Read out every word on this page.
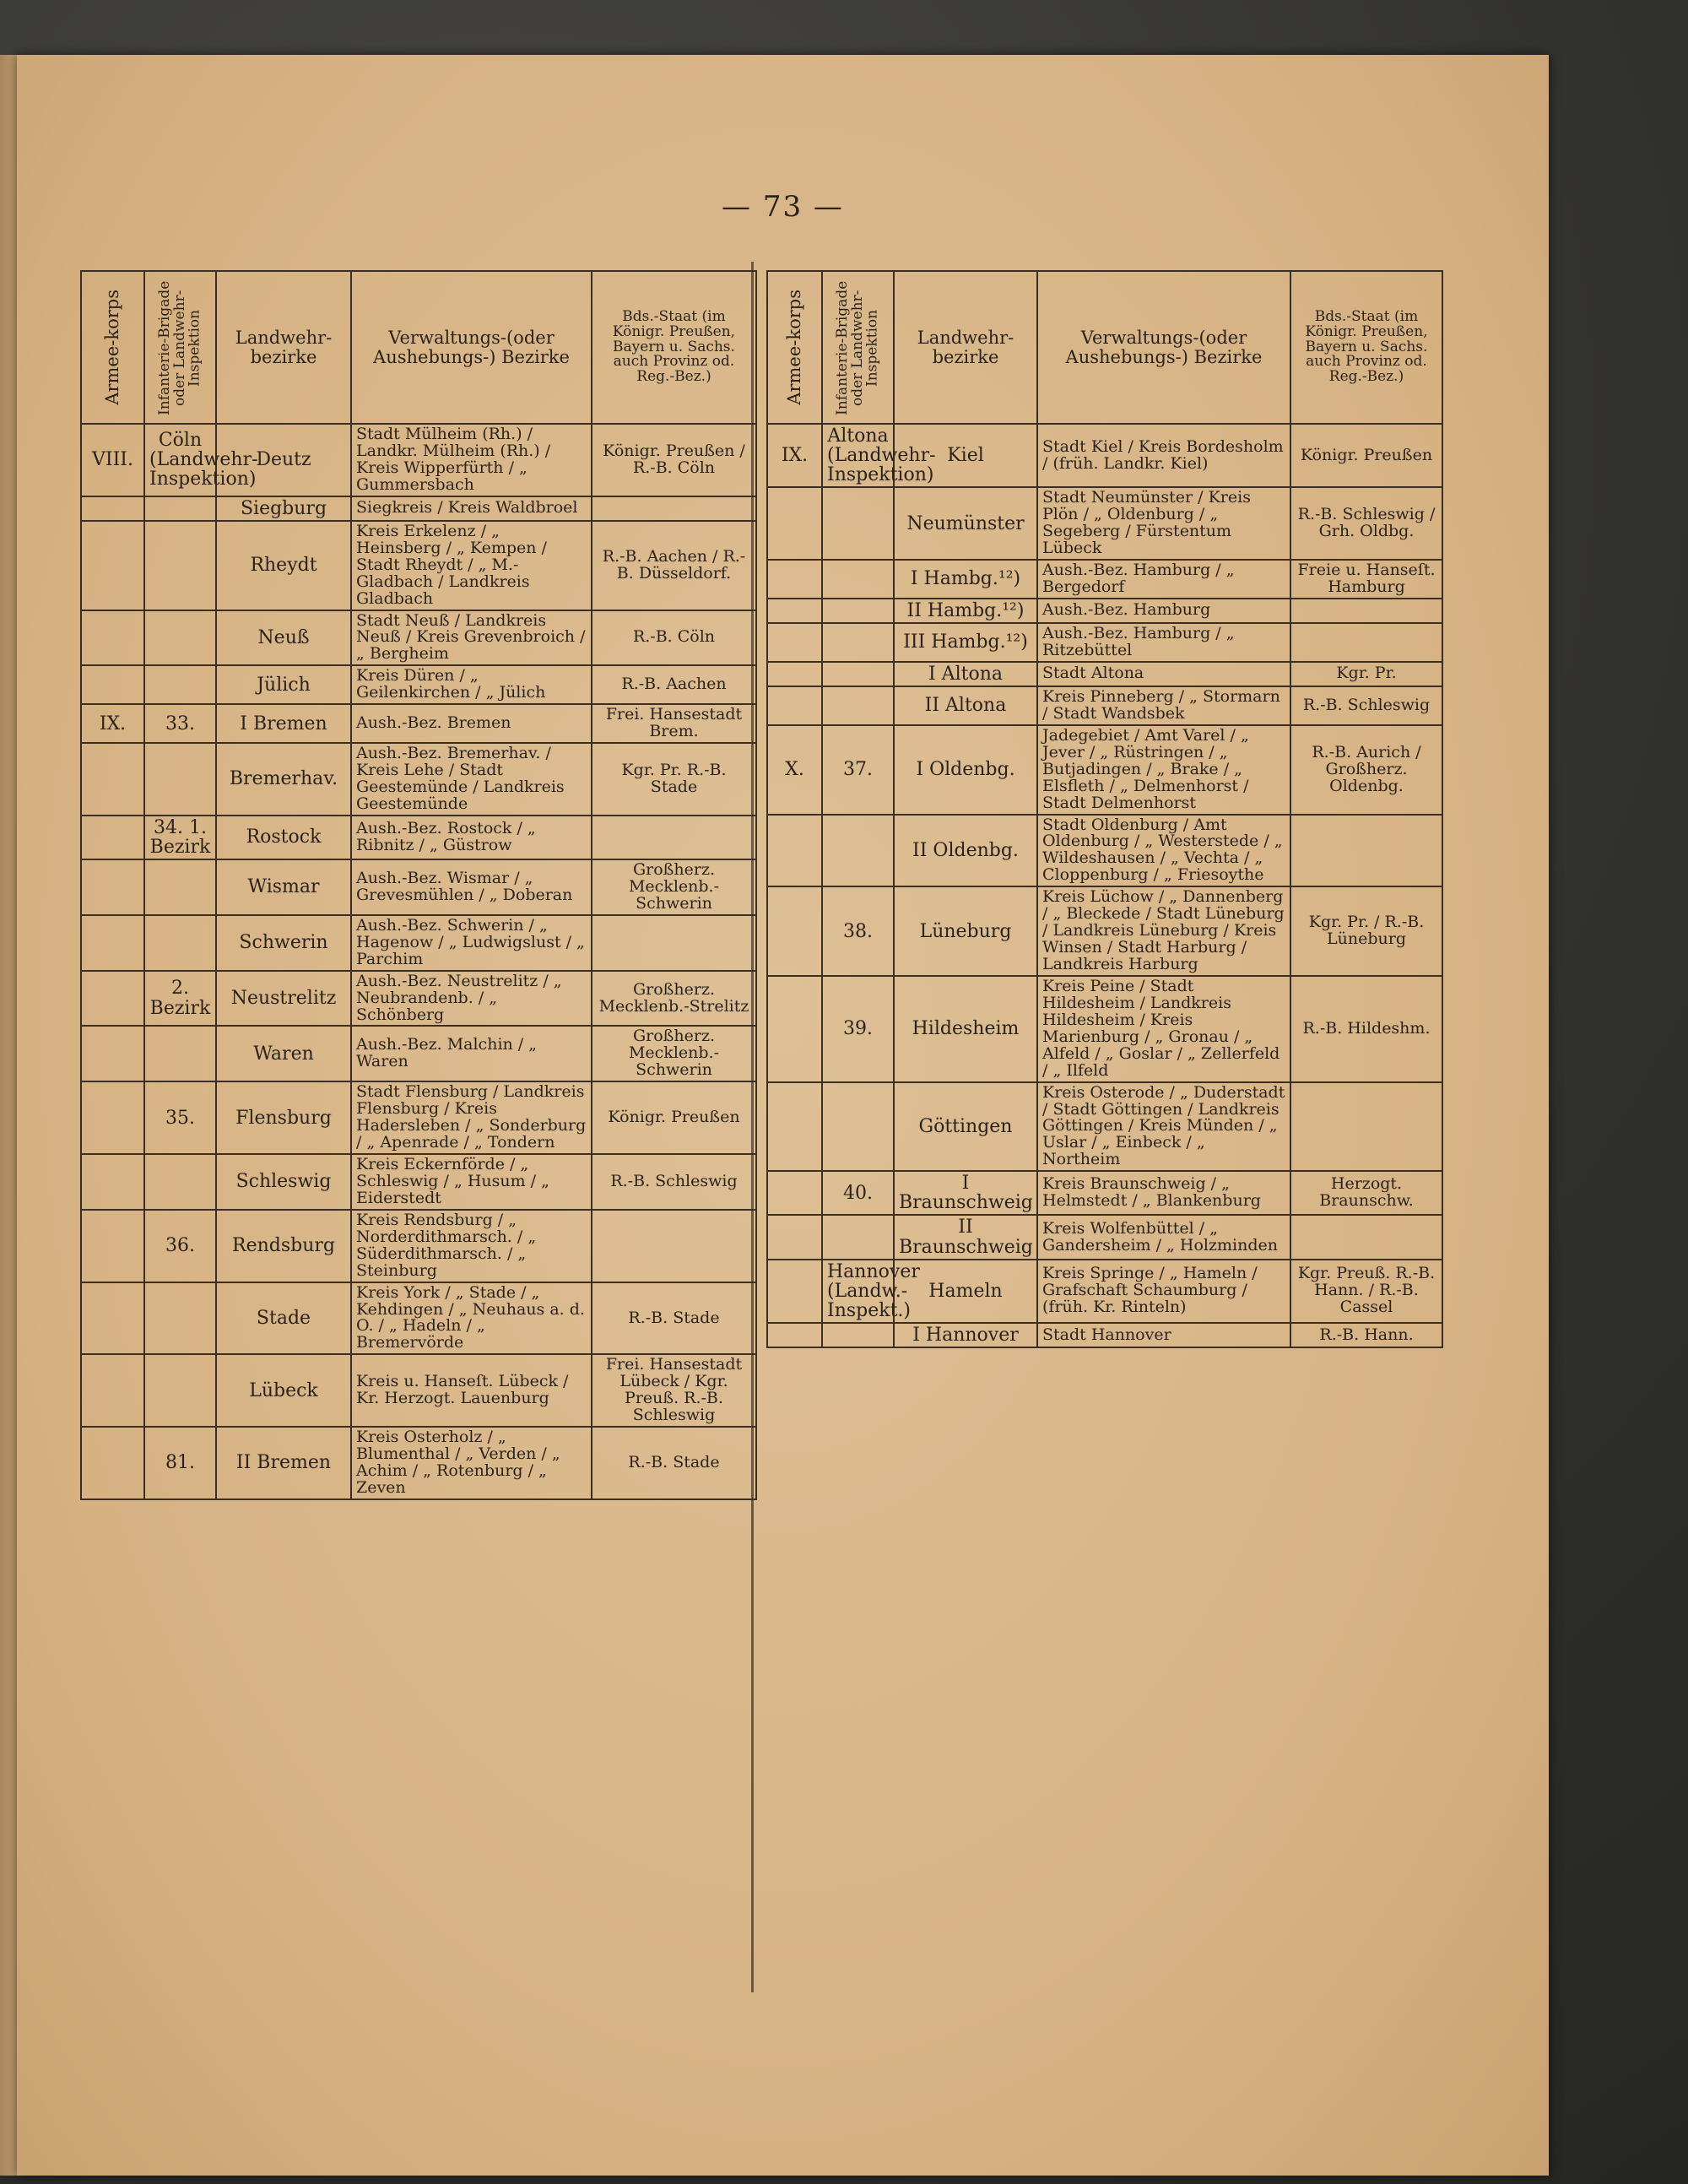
— 73 —
Armee-korps	Infanterie-Brigade oder Landwehr-Inspektion	Landwehr-bezirke	Verwaltungs-(oder Aushebungs-) Bezirke	Bds.-Staat (im Königr. Preußen, Bayern u. Sachs. auch Provinz od. Reg.-Bez.)
VIII.	Cöln (Landwehr-Inspektion)	Deutz	Stadt Mülheim (Rh.) / Landkr. Mülheim (Rh.) / Kreis Wipperfürth / „ Gummersbach	Königr. Preußen / R.-B. Cöln
		Siegburg	Siegkreis / Kreis Waldbroel	
		Rheydt	Kreis Erkelenz / „ Heinsberg / „ Kempen / Stadt Rheydt / „ M.-Gladbach / Landkreis Gladbach	R.-B. Aachen / R.-B. Düsseldorf.
		Neuß	Stadt Neuß / Landkreis Neuß / Kreis Grevenbroich / „ Bergheim	R.-B. Cöln
		Jülich	Kreis Düren / „ Geilenkirchen / „ Jülich	R.-B. Aachen
IX.	33.	I Bremen	Aush.-Bez. Bremen	Frei. Hansestadt Brem.
		Bremerhav.	Aush.-Bez. Bremerhav. / Kreis Lehe / Stadt Geestemünde / Landkreis Geestemünde	Kgr. Pr. R.-B. Stade
	34. 1. Bezirk	Rostock	Aush.-Bez. Rostock / „ Ribnitz / „ Güstrow	
		Wismar	Aush.-Bez. Wismar / „ Grevesmühlen / „ Doberan	Großherz. Mecklenb.-Schwerin
		Schwerin	Aush.-Bez. Schwerin / „ Hagenow / „ Ludwigslust / „ Parchim	
	2. Bezirk	Neustrelitz	Aush.-Bez. Neustrelitz / „ Neubrandenb. / „ Schönberg	Großherz. Mecklenb.-Strelitz
		Waren	Aush.-Bez. Malchin / „ Waren	Großherz. Mecklenb.-Schwerin
	35.	Flensburg	Stadt Flensburg / Landkreis Flensburg / Kreis Hadersleben / „ Sonderburg / „ Apenrade / „ Tondern	Königr. Preußen
		Schleswig	Kreis Eckernförde / „ Schleswig / „ Husum / „ Eiderstedt	R.-B. Schleswig
	36.	Rendsburg	Kreis Rendsburg / „ Norderdithmarsch. / „ Süderdithmarsch. / „ Steinburg	
		Stade	Kreis York / „ Stade / „ Kehdingen / „ Neuhaus a. d. O. / „ Hadeln / „ Bremervörde	R.-B. Stade
		Lübeck	Kreis u. Hanseſt. Lübeck / Kr. Herzogt. Lauenburg	Frei. Hansestadt Lübeck / Kgr. Preuß. R.-B. Schleswig
	81.	II Bremen	Kreis Osterholz / „ Blumenthal / „ Verden / „ Achim / „ Rotenburg / „ Zeven	R.-B. Stade
Armee-korps	Infanterie-Brigade oder Landwehr-Inspektion	Landwehr-bezirke	Verwaltungs-(oder Aushebungs-) Bezirke	Bds.-Staat (im Königr. Preußen, Bayern u. Sachs. auch Provinz od. Reg.-Bez.)
IX.	Altona (Landwehr-Inspektion)	Kiel	Stadt Kiel / Kreis Bordesholm / (früh. Landkr. Kiel)	Königr. Preußen
		Neumünster	Stadt Neumünster / Kreis Plön / „ Oldenburg / „ Segeberg / Fürstentum Lübeck	R.-B. Schleswig / Grh. Oldbg.
		I Hambg.¹²)	Aush.-Bez. Hamburg / „ Bergedorf	Freie u. Hanseſt. Hamburg
		II Hambg.¹²)	Aush.-Bez. Hamburg	
		III Hambg.¹²)	Aush.-Bez. Hamburg / „ Ritzebüttel	
		I Altona	Stadt Altona	Kgr. Pr.
		II Altona	Kreis Pinneberg / „ Stormarn / Stadt Wandsbek	R.-B. Schleswig
X.	37.	I Oldenbg.	Jadegebiet / Amt Varel / „ Jever / „ Rüstringen / „ Butjadingen / „ Brake / „ Elsfleth / „ Delmenhorst / Stadt Delmenhorst	R.-B. Aurich / Großherz. Oldenbg.
		II Oldenbg.	Stadt Oldenburg / Amt Oldenburg / „ Westerstede / „ Wildeshausen / „ Vechta / „ Cloppenburg / „ Friesoythe	
	38.	Lüneburg	Kreis Lüchow / „ Dannenberg / „ Bleckede / Stadt Lüneburg / Landkreis Lüneburg / Kreis Winsen / Stadt Harburg / Landkreis Harburg	Kgr. Pr. / R.-B. Lüneburg
	39.	Hildesheim	Kreis Peine / Stadt Hildesheim / Landkreis Hildesheim / Kreis Marienburg / „ Gronau / „ Alfeld / „ Goslar / „ Zellerfeld / „ Ilfeld	R.-B. Hildeshm.
		Göttingen	Kreis Osterode / „ Duderstadt / Stadt Göttingen / Landkreis Göttingen / Kreis Münden / „ Uslar / „ Einbeck / „ Northeim	
	40.	I Braunschweig	Kreis Braunschweig / „ Helmstedt / „ Blankenburg	Herzogt. Braunschw.
		II Braunschweig	Kreis Wolfenbüttel / „ Gandersheim / „ Holzminden	
	Hannover (Landw.-Inspekt.)	Hameln	Kreis Springe / „ Hameln / Grafschaft Schaumburg / (früh. Kr. Rinteln)	Kgr. Preuß. R.-B. Hann. / R.-B. Cassel
		I Hannover	Stadt Hannover	R.-B. Hann.
